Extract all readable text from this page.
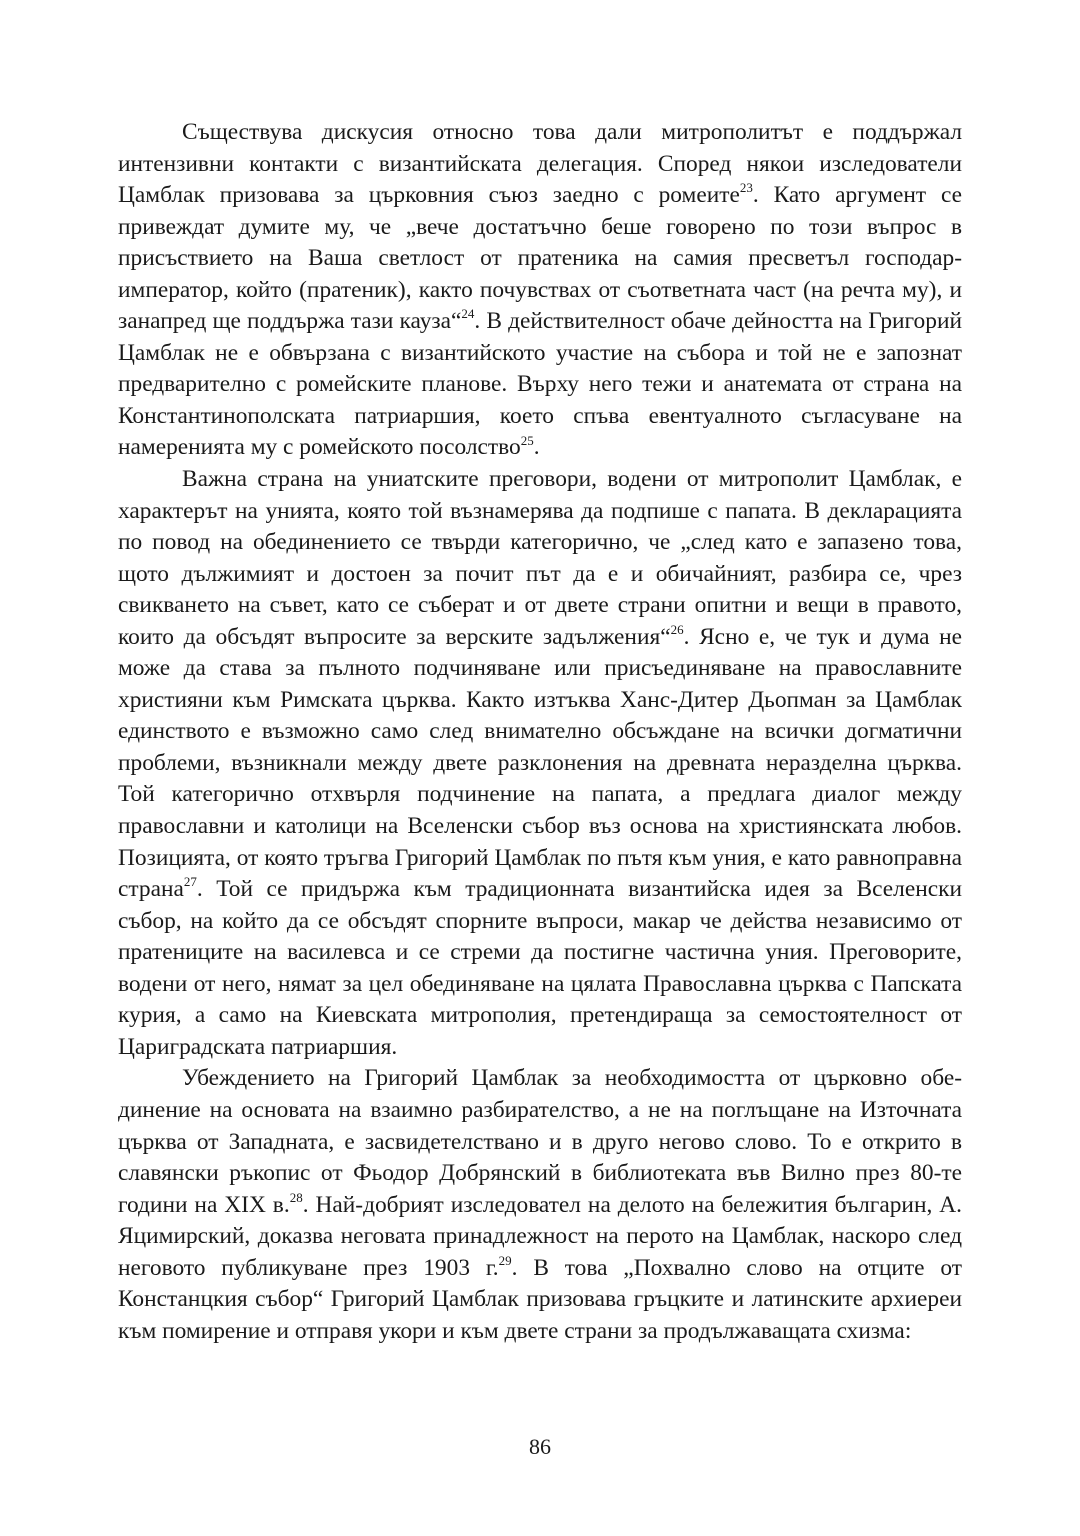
Съществува дискусия относно това дали митрополитът е поддържал интензивни контакти с византийската делегация. Според някои изследователи Цамблак призовава за църковния съюз заедно с ромеите$^{23}$. Като аргумент се привеждат думите му, че „вече достатъчно беше говорено по този въпрос в присъствието на Ваша светлост от пратеника на самия пресветъл господар-император, който (пратеник), както почувствах от съответната част (на речта му), и занапред ще поддържа тази кауза“$^{24}$. В действителност обаче дейността на Григорий Цамблак не е обвързана с византийското участие на събора и той не е запознат предварително с ромейските планове. Върху него тежи и анатемата от страна на Константинополската патриаршия, което спъва евентуалното съгласуване на намеренията му с ромейското посолство$^{25}$.

Важна страна на униатските преговори, водени от митрополит Цамблак, е характерът на унията, която той възнамерява да подпише с папата. В декларацията по повод на обединението се твърди категорично, че „след като е запазено това, щото дължимият и достоен за почит път да е и обичайният, разбира се, чрез свикването на съвет, като се съберат и от двете страни опитни и вещи в правото, които да обсъдят въпросите за верските задължения“$^{26}$. Ясно е, че тук и дума не може да става за пълното подчиняване или присъединяване на православните християни към Римската църква. Както изтъква Ханс-Дитер Дьопман за Цамблак единството е възможно само след внимателно обсъждане на всички догматични проблеми, възникнали между двете разклонения на древната неразделна църква. Той категорично отхвърля подчинение на папата, а предлага диалог между православни и католици на Вселенски събор въз основа на християнската любов. Позицията, от която тръгва Григорий Цамблак по пътя към уния, е като равноправна страна$^{27}$. Той се придържа към традиционната византийска идея за Вселенски събор, на който да се обсъдят спорните въпроси, макар че действа независимо от пратениците на василевса и се стреми да постигне частична уния. Преговорите, водени от него, нямат за цел обединяване на цялата Православна църква с Папската курия, а само на Киевската митрополия, претендираща за семостоятелност от Цариградската патриаршия.

Убеждението на Григорий Цамблак за необходимостта от църковно обединение на основата на взаимно разбирателство, а не на поглъщане на Източната църква от Западната, е засвидетелствано и в друго негово слово. То е открито в славянски ръкопис от Фьодор Добрянский в библиотеката във Вилно през 80-те години на XIX в.$^{28}$. Най-добрият изследовател на делото на бележития българин, А. Яцимирский, доказва неговата принадлежност на перото на Цамблак, наскоро след неговото публикуване през 1903 г.$^{29}$. В това „Похвално слово на отците от Констанцкия събор“ Григорий Цамблак призовава гръцките и латинските архиереи към помирение и отправя укори и към двете страни за продължаващата схизма:

86
